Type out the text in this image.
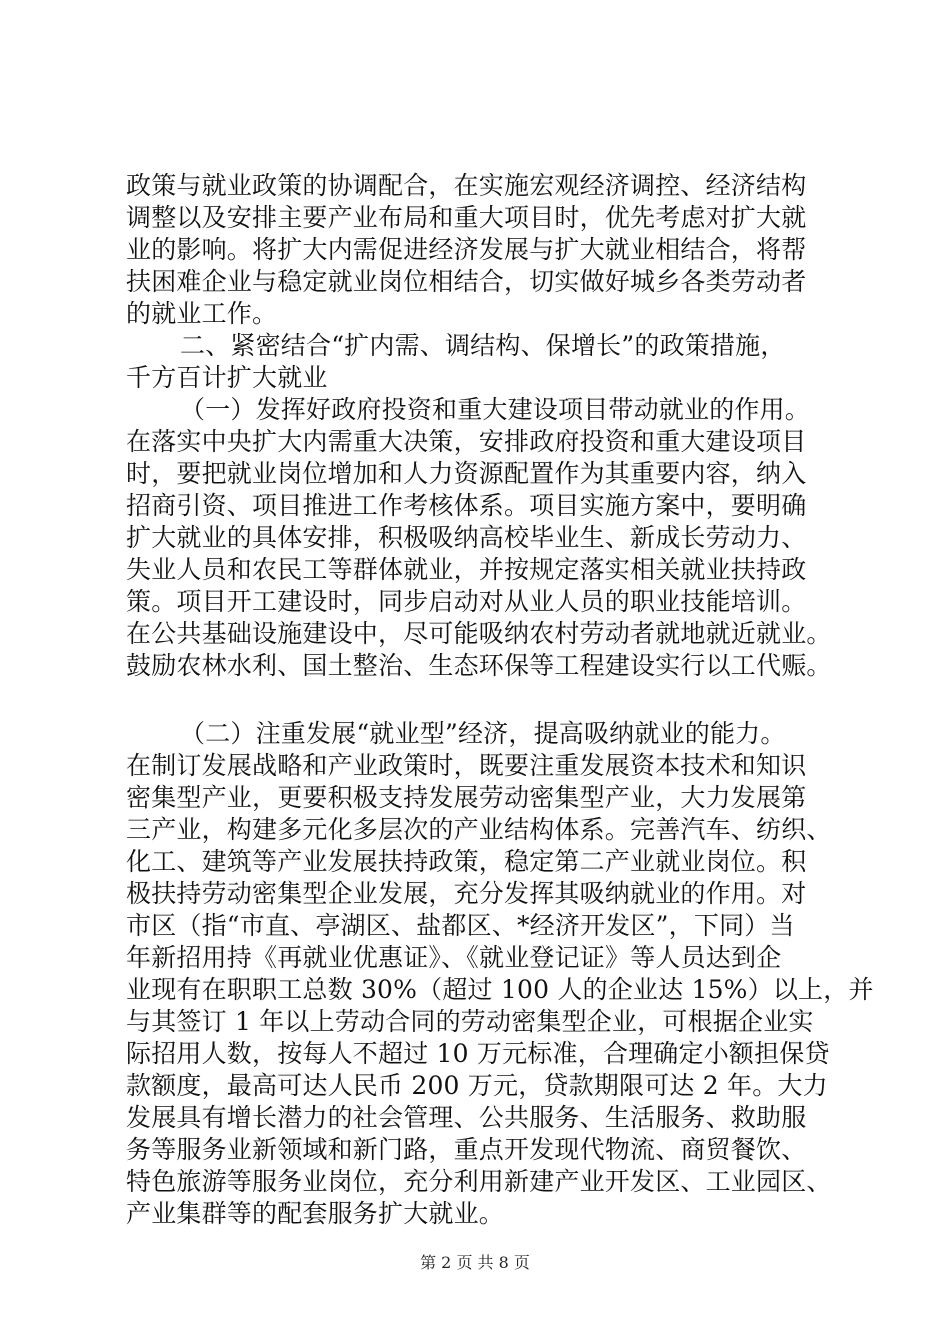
政策与就业政策的协调配合，在实施宏观经济调控、经济结构
调整以及安排主要产业布局和重大项目时，优先考虑对扩大就
业的影响。将扩大内需促进经济发展与扩大就业相结合，将帮
扶困难企业与稳定就业岗位相结合，切实做好城乡各类劳动者
的就业工作。
二、紧密结合“扩内需、调结构、保增长”的政策措施，
千方百计扩大就业
（一）发挥好政府投资和重大建设项目带动就业的作用。
在落实中央扩大内需重大决策，安排政府投资和重大建设项目
时，要把就业岗位增加和人力资源配置作为其重要内容，纳入
招商引资、项目推进工作考核体系。项目实施方案中，要明确
扩大就业的具体安排，积极吸纳高校毕业生、新成长劳动力、
失业人员和农民工等群体就业，并按规定落实相关就业扶持政
策。项目开工建设时，同步启动对从业人员的职业技能培训。
在公共基础设施建设中，尽可能吸纳农村劳动者就地就近就业。
鼓励农林水利、国土整治、生态环保等工程建设实行以工代赈。
（二）注重发展“就业型”经济，提高吸纳就业的能力。
在制订发展战略和产业政策时，既要注重发展资本技术和知识
密集型产业，更要积极支持发展劳动密集型产业，大力发展第
三产业，构建多元化多层次的产业结构体系。完善汽车、纺织、
化工、建筑等产业发展扶持政策，稳定第二产业就业岗位。积
极扶持劳动密集型企业发展，充分发挥其吸纳就业的作用。对
市区（指“市直、亭湖区、盐都区、*经济开发区”，下同）当
年新招用持《再就业优惠证》、《就业登记证》等人员达到企
业现有在职职工总数 30%（超过 100 人的企业达 15%）以上，并
与其签订 1 年以上劳动合同的劳动密集型企业，可根据企业实
际招用人数，按每人不超过 10 万元标准，合理确定小额担保贷
款额度，最高可达人民币 200 万元，贷款期限可达 2 年。大力
发展具有增长潜力的社会管理、公共服务、生活服务、救助服
务等服务业新领域和新门路，重点开发现代物流、商贸餐饮、
特色旅游等服务业岗位，充分利用新建产业开发区、工业园区、
产业集群等的配套服务扩大就业。
第 2 页 共 8 页
